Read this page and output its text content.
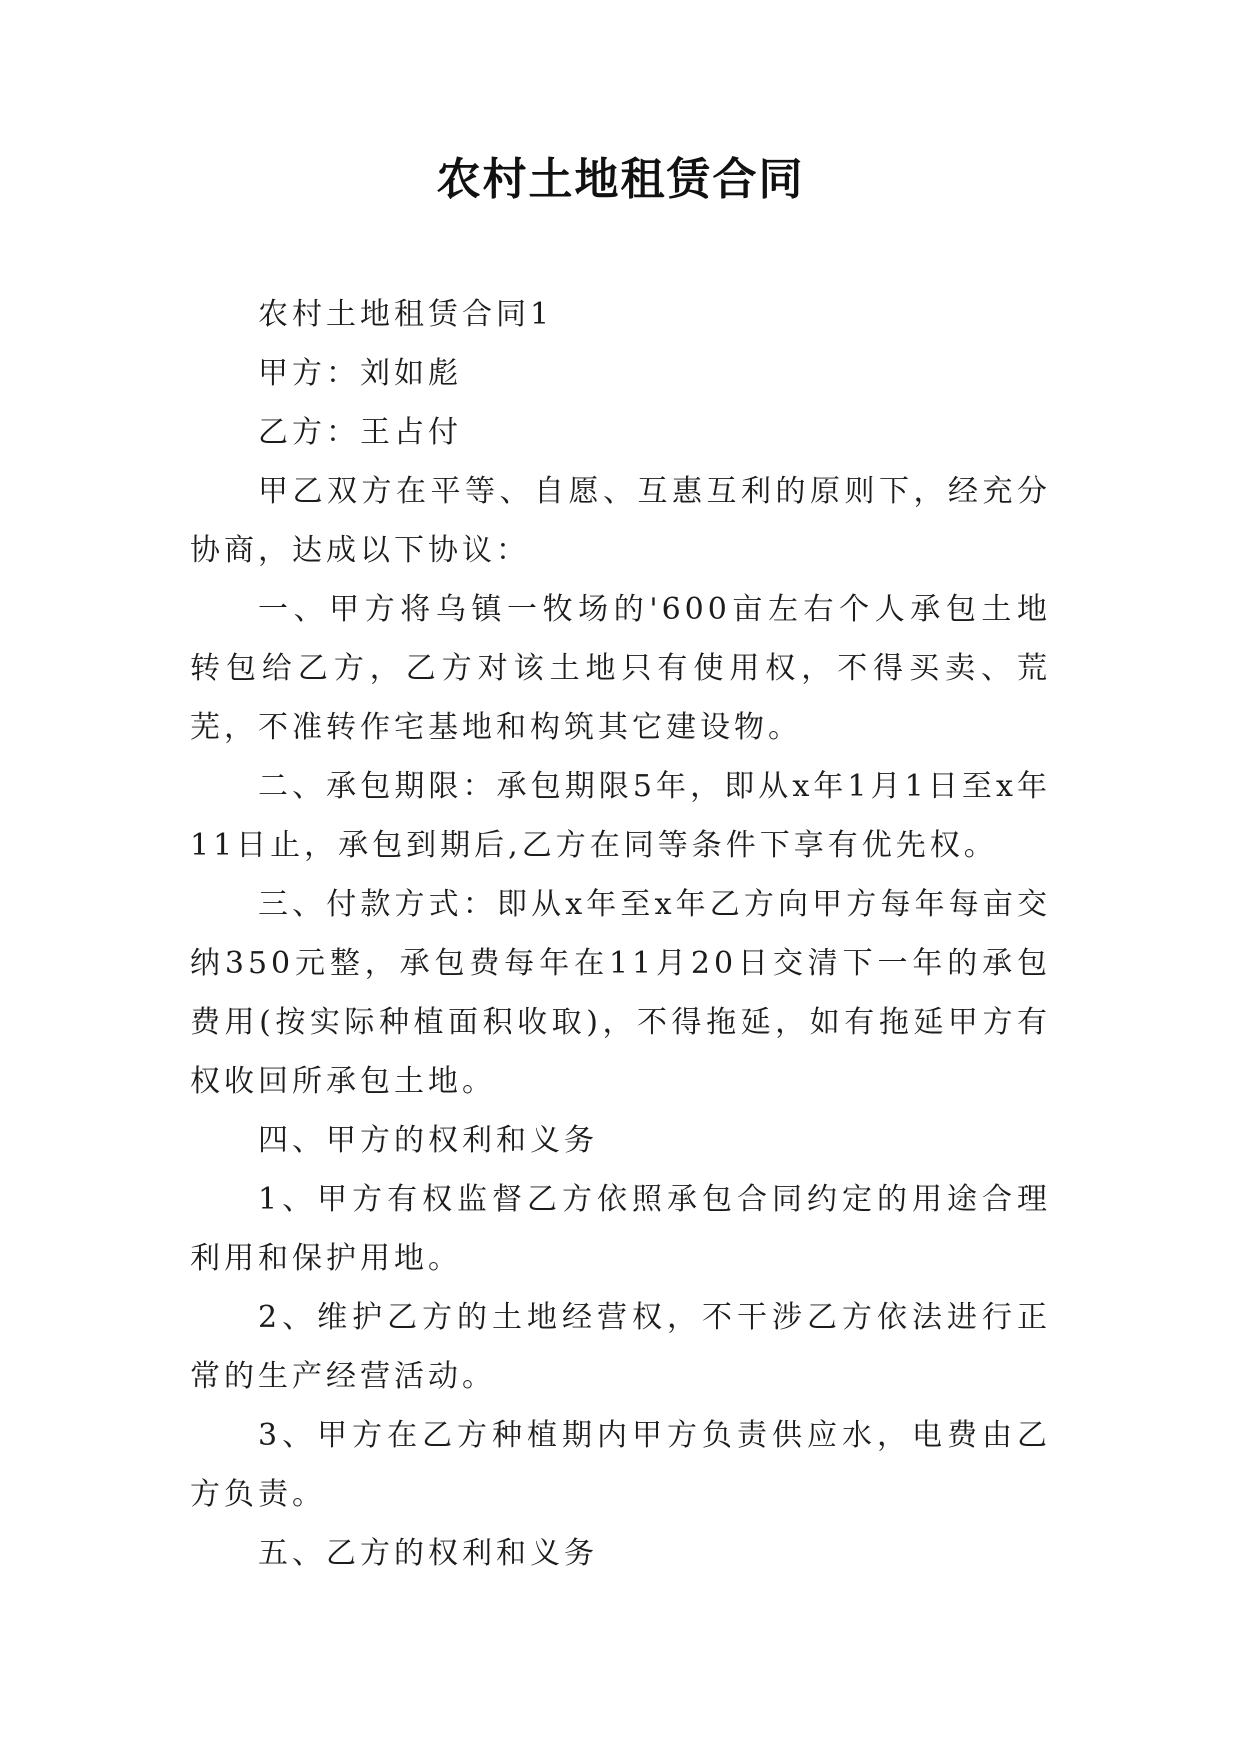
农村土地租赁合同

农村土地租赁合同1

甲方：刘如彪

乙方：王占付

甲乙双方在平等、自愿、互惠互利的原则下，经充分协商，达成以下协议：

一、甲方将乌镇一牧场的'600亩左右个人承包土地转包给乙方，乙方对该土地只有使用权，不得买卖、荒芜，不准转作宅基地和构筑其它建设物。

二、承包期限：承包期限5年，即从x年1月1日至x年11日止，承包到期后,乙方在同等条件下享有优先权。

三、付款方式：即从x年至x年乙方向甲方每年每亩交纳350元整，承包费每年在11月20日交清下一年的承包费用(按实际种植面积收取)，不得拖延，如有拖延甲方有权收回所承包土地。

四、甲方的权利和义务

1、甲方有权监督乙方依照承包合同约定的用途合理利用和保护用地。

2、维护乙方的土地经营权，不干涉乙方依法进行正常的生产经营活动。

3、甲方在乙方种植期内甲方负责供应水，电费由乙方负责。

五、乙方的权利和义务
